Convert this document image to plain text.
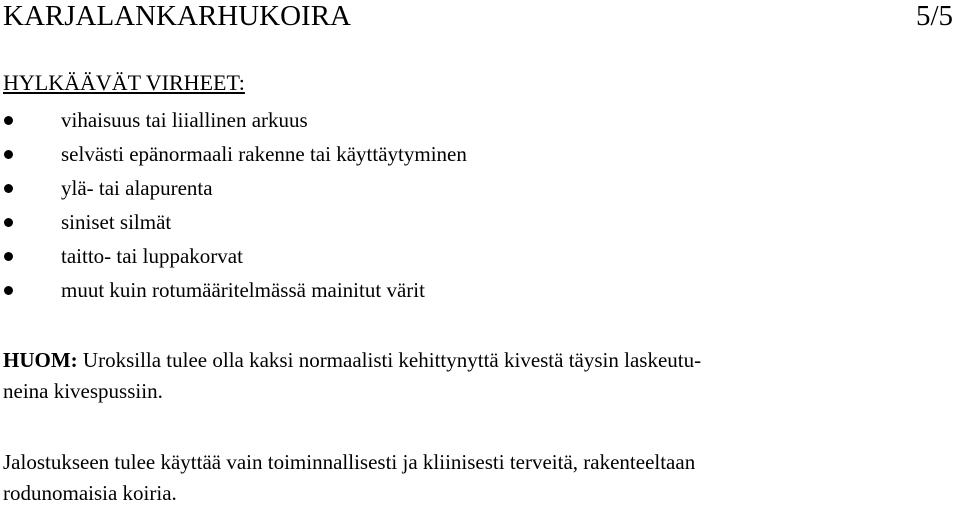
KARJALANKARHUKOIRA	5/5
HYLKÄÄVÄT VIRHEET:
vihaisuus tai liiallinen arkuus
selvästi epänormaali rakenne tai käyttäytyminen
ylä- tai alapurenta
siniset silmät
taitto- tai luppakorvat
muut kuin rotumääritelmässä mainitut värit
HUOM: Uroksilla tulee olla kaksi normaalisti kehittynyttä kivestä täysin laskeutu-
neina kivespussiin.
Jalostukseen tulee käyttää vain toiminnallisesti ja kliinisesti terveitä, rakenteeltaan
rodunomaisia koiria.
